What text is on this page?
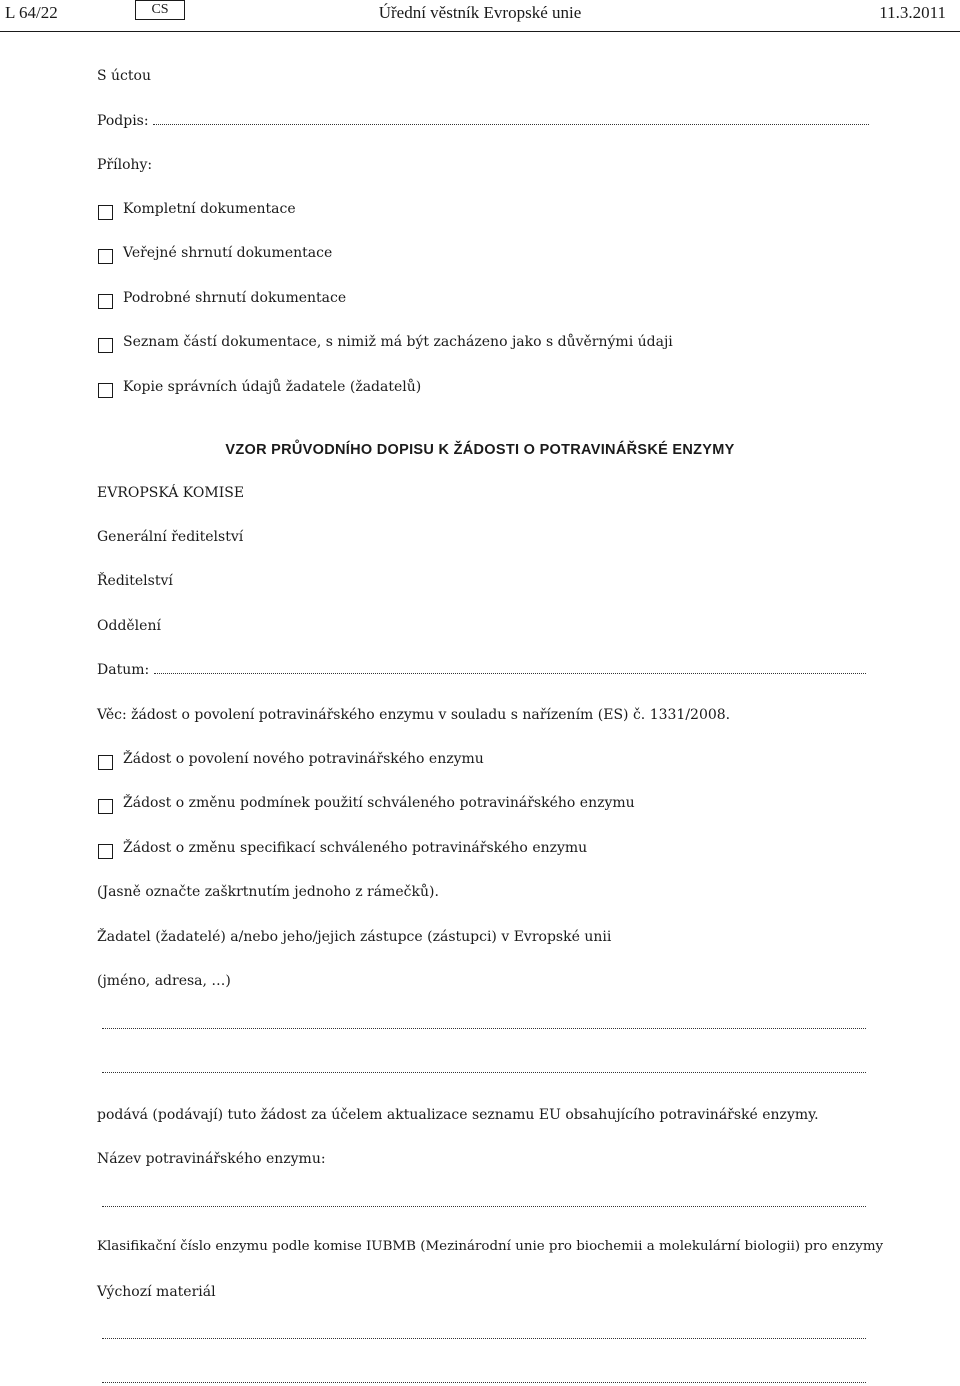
L 64/22	CS	Úřední věstník Evropské unie	11.3.2011
S úctou
Podpis:
Přílohy:
Kompletní dokumentace
Veřejné shrnutí dokumentace
Podrobné shrnutí dokumentace
Seznam částí dokumentace, s nimiž má být zacházeno jako s důvěrnými údaji
Kopie správních údajů žadatele (žadatelů)
VZOR PRŮVODNÍHO DOPISU K ŽÁDOSTI O POTRAVINÁŘSKÉ ENZYMY
EVROPSKÁ KOMISE
Generální ředitelství
Ředitelství
Oddělení
Datum:
Věc: žádost o povolení potravinářského enzymu v souladu s nařízením (ES) č. 1331/2008.
Žádost o povolení nového potravinářského enzymu
Žádost o změnu podmínek použití schváleného potravinářského enzymu
Žádost o změnu specifikací schváleného potravinářského enzymu
(Jasně označte zaškrtnutím jednoho z rámečků).
Žadatel (žadatelé) a/nebo jeho/jejich zástupce (zástupci) v Evropské unii
(jméno, adresa, …)
podává (podávají) tuto žádost za účelem aktualizace seznamu EU obsahujícího potravinářské enzymy.
Název potravinářského enzymu:
Klasifikační číslo enzymu podle komise IUBMB (Mezinárodní unie pro biochemii a molekulární biologii) pro enzymy
Výchozí materiál
